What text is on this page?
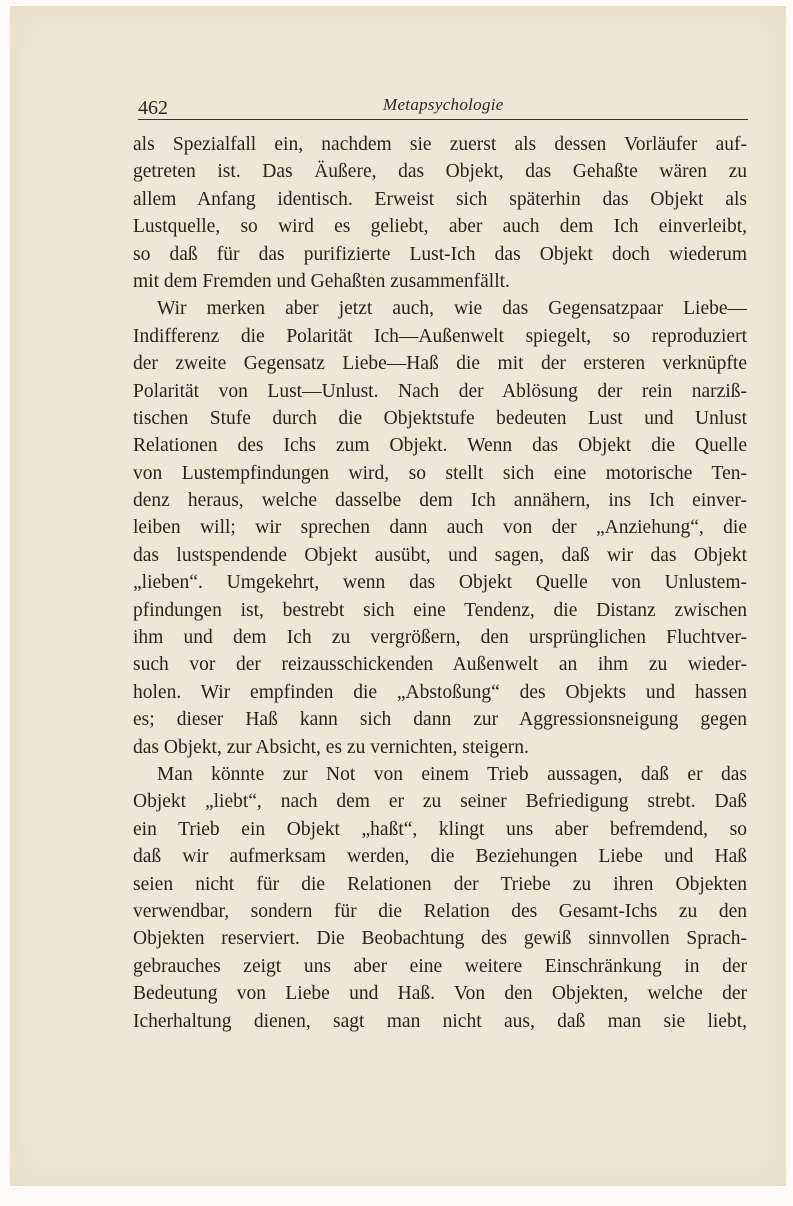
462	Metapsychologie
als Spezialfall ein, nachdem sie zuerst als dessen Vorläufer auf-
getreten ist. Das Äußere, das Objekt, das Gehaßte wären zu
allem Anfang identisch. Erweist sich späterhin das Objekt als
Lustquelle, so wird es geliebt, aber auch dem Ich einverleibt,
so daß für das purifizierte Lust-Ich das Objekt doch wiederum
mit dem Fremden und Gehaßten zusammenfällt.
Wir merken aber jetzt auch, wie das Gegensatzpaar Liebe—
Indifferenz die Polarität Ich—Außenwelt spiegelt, so reproduziert
der zweite Gegensatz Liebe—Haß die mit der ersteren verknüpfte
Polarität von Lust—Unlust. Nach der Ablösung der rein narziß-
tischen Stufe durch die Objektstufe bedeuten Lust und Unlust
Relationen des Ichs zum Objekt. Wenn das Objekt die Quelle
von Lustempfindungen wird, so stellt sich eine motorische Ten-
denz heraus, welche dasselbe dem Ich annähern, ins Ich einver-
leiben will; wir sprechen dann auch von der „Anziehung“, die
das lustspendende Objekt ausübt, und sagen, daß wir das Objekt
„lieben“. Umgekehrt, wenn das Objekt Quelle von Unlustem-
pfindungen ist, bestrebt sich eine Tendenz, die Distanz zwischen
ihm und dem Ich zu vergrößern, den ursprünglichen Fluchtver-
such vor der reizausschickenden Außenwelt an ihm zu wieder-
holen. Wir empfinden die „Abstoßung“ des Objekts und hassen
es; dieser Haß kann sich dann zur Aggressionsneigung gegen
das Objekt, zur Absicht, es zu vernichten, steigern.
Man könnte zur Not von einem Trieb aussagen, daß er das
Objekt „liebt“, nach dem er zu seiner Befriedigung strebt. Daß
ein Trieb ein Objekt „haßt“, klingt uns aber befremdend, so
daß wir aufmerksam werden, die Beziehungen Liebe und Haß
seien nicht für die Relationen der Triebe zu ihren Objekten
verwendbar, sondern für die Relation des Gesamt-Ichs zu den
Objekten reserviert. Die Beobachtung des gewiß sinnvollen Sprach-
gebrauches zeigt uns aber eine weitere Einschränkung in der
Bedeutung von Liebe und Haß. Von den Objekten, welche der
Icherhaltung dienen, sagt man nicht aus, daß man sie liebt,
